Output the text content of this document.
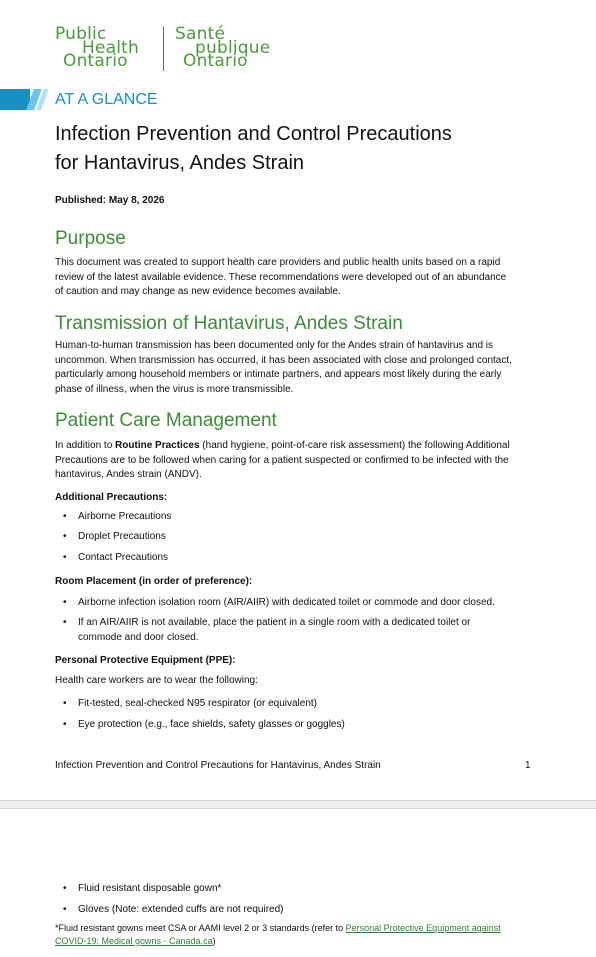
Public
Health
Ontario
Santé
publique
Ontario
AT A GLANCE
Infection Prevention and Control Precautions
for Hantavirus, Andes Strain
Published: May 8, 2026
Purpose
This document was created to support health care providers and public health units based on a rapid
review of the latest available evidence. These recommendations were developed out of an abundance
of caution and may change as new evidence becomes available.
Transmission of Hantavirus, Andes Strain
Human-to-human transmission has been documented only for the Andes strain of hantavirus and is
uncommon. When transmission has occurred, it has been associated with close and prolonged contact,
particularly among household members or intimate partners, and appears most likely during the early
phase of illness, when the virus is more transmissible.
Patient Care Management
In addition to Routine Practices (hand hygiene, point-of-care risk assessment) the following Additional
Precautions are to be followed when caring for a patient suspected or confirmed to be infected with the
hantavirus, Andes strain (ANDV).
Additional Precautions:
• Airborne Precautions
• Droplet Precautions
• Contact Precautions
Room Placement (in order of preference):
• Airborne infection isolation room (AIR/AIIR) with dedicated toilet or commode and door closed.
• If an AIR/AIIR is not available, place the patient in a single room with a dedicated toilet or
commode and door closed.
Personal Protective Equipment (PPE):
Health care workers are to wear the following:
• Fit-tested, seal-checked N95 respirator (or equivalent)
• Eye protection (e.g., face shields, safety glasses or goggles)
Infection Prevention and Control Precautions for Hantavirus, Andes Strain	1
• Fluid resistant disposable gown*
• Gloves (Note: extended cuffs are not required)
*Fluid resistant gowns meet CSA or AAMI level 2 or 3 standards (refer to Personal Protective Equipment against
COVID-19: Medical gowns - Canada.ca)
